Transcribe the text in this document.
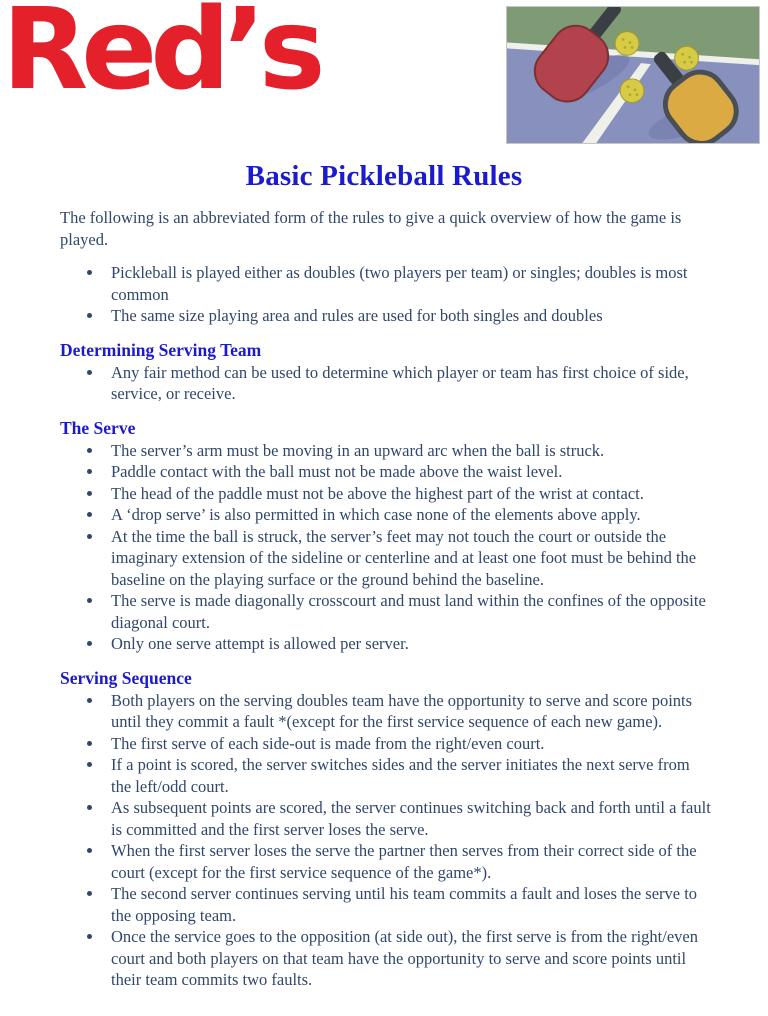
Red’s
Basic Pickleball Rules

The following is an abbreviated form of the rules to give a quick overview of how the game is played.

• Pickleball is played either as doubles (two players per team) or singles; doubles is most common
• The same size playing area and rules are used for both singles and doubles
Determining Serving Team
• Any fair method can be used to determine which player or team has first choice of side, service, or receive.
The Serve
• The server’s arm must be moving in an upward arc when the ball is struck.
• Paddle contact with the ball must not be made above the waist level.
• The head of the paddle must not be above the highest part of the wrist at contact.
• A ‘drop serve’ is also permitted in which case none of the elements above apply.
• At the time the ball is struck, the server’s feet may not touch the court or outside the imaginary extension of the sideline or centerline and at least one foot must be behind the baseline on the playing surface or the ground behind the baseline.
• The serve is made diagonally crosscourt and must land within the confines of the opposite diagonal court.
• Only one serve attempt is allowed per server.
Serving Sequence
• Both players on the serving doubles team have the opportunity to serve and score points until they commit a fault *(except for the first service sequence of each new game).
• The first serve of each side-out is made from the right/even court.
• If a point is scored, the server switches sides and the server initiates the next serve from the left/odd court.
• As subsequent points are scored, the server continues switching back and forth until a fault is committed and the first server loses the serve.
• When the first server loses the serve the partner then serves from their correct side of the court (except for the first service sequence of the game*).
• The second server continues serving until his team commits a fault and loses the serve to the opposing team.
• Once the service goes to the opposition (at side out), the first serve is from the right/even court and both players on that team have the opportunity to serve and score points until their team commits two faults.
